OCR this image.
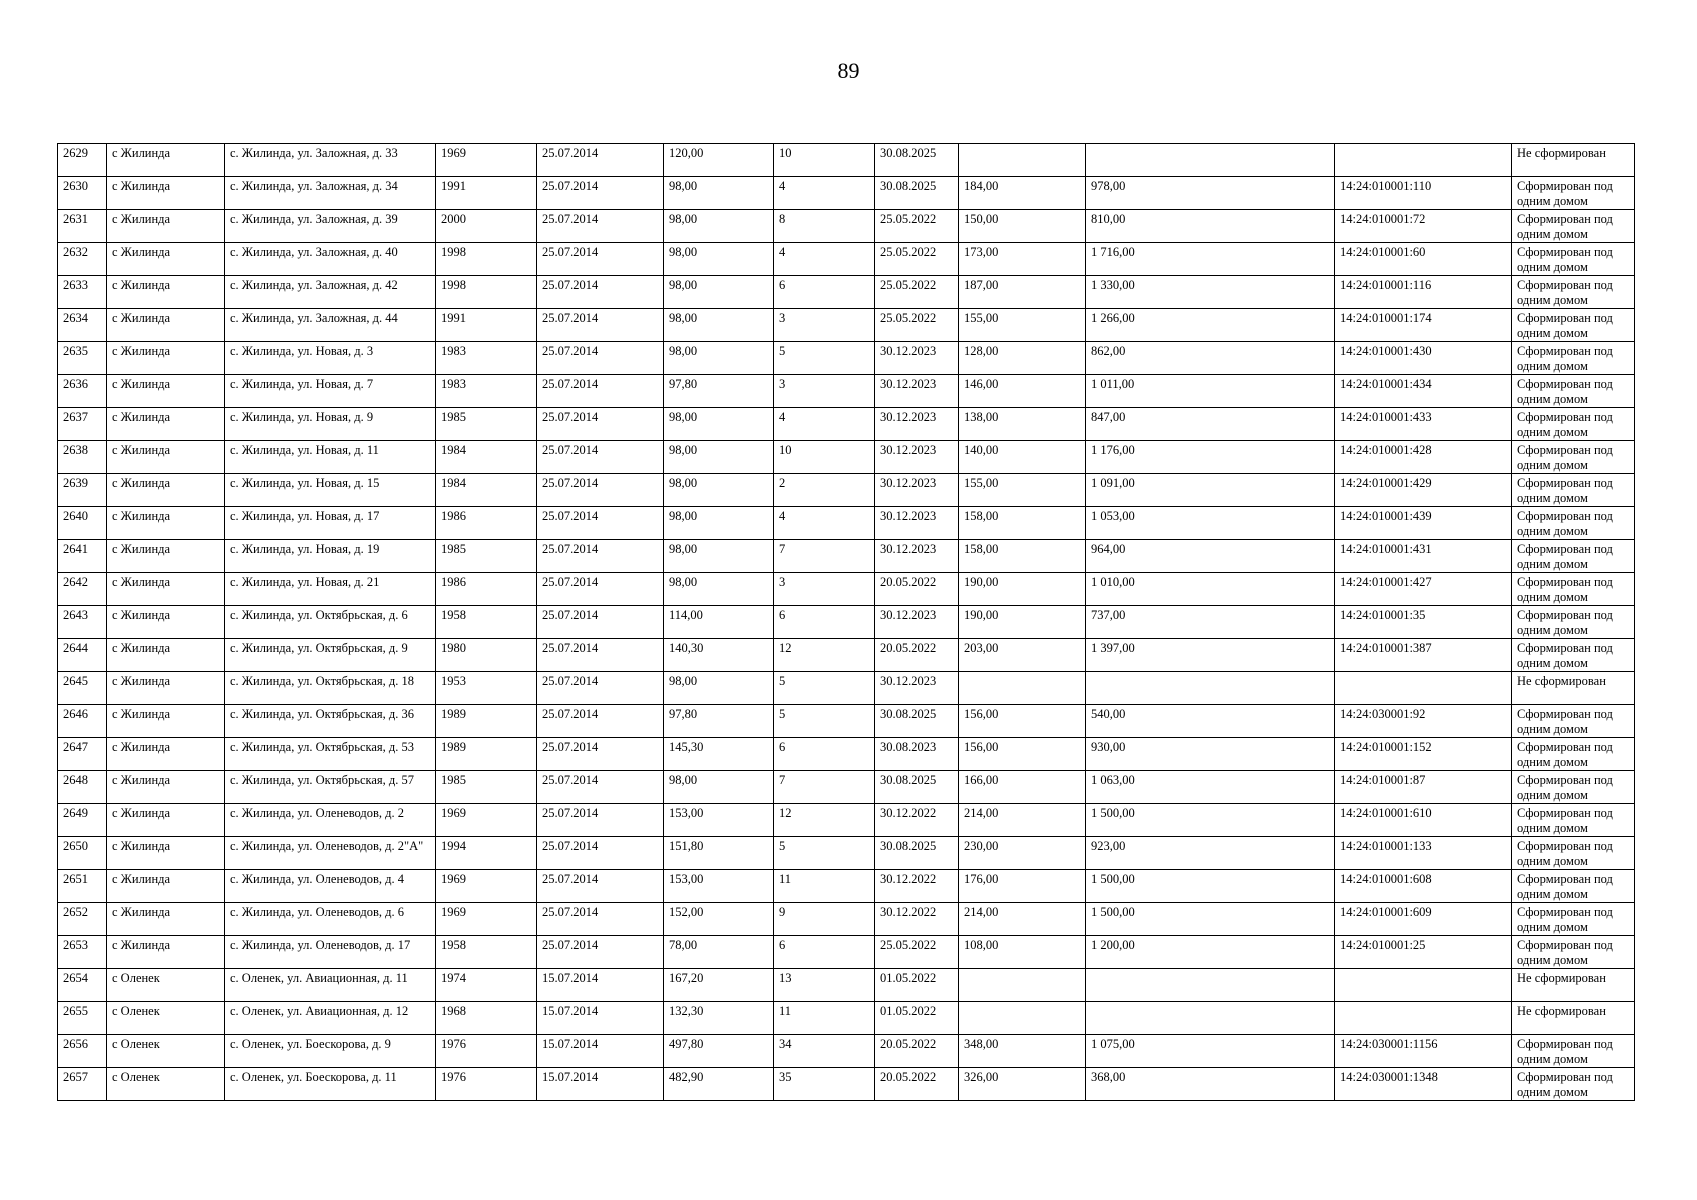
89
2629	с Жилинда	с. Жилинда, ул. Заложная, д. 33	1969	25.07.2014	120,00	10	30.08.2025				Не сформирован
2630	с Жилинда	с. Жилинда, ул. Заложная, д. 34	1991	25.07.2014	98,00	4	30.08.2025	184,00	978,00	14:24:010001:110	Сформирован под одним домом
2631	с Жилинда	с. Жилинда, ул. Заложная, д. 39	2000	25.07.2014	98,00	8	25.05.2022	150,00	810,00	14:24:010001:72	Сформирован под одним домом
2632	с Жилинда	с. Жилинда, ул. Заложная, д. 40	1998	25.07.2014	98,00	4	25.05.2022	173,00	1 716,00	14:24:010001:60	Сформирован под одним домом
2633	с Жилинда	с. Жилинда, ул. Заложная, д. 42	1998	25.07.2014	98,00	6	25.05.2022	187,00	1 330,00	14:24:010001:116	Сформирован под одним домом
2634	с Жилинда	с. Жилинда, ул. Заложная, д. 44	1991	25.07.2014	98,00	3	25.05.2022	155,00	1 266,00	14:24:010001:174	Сформирован под одним домом
2635	с Жилинда	с. Жилинда, ул. Новая, д. 3	1983	25.07.2014	98,00	5	30.12.2023	128,00	862,00	14:24:010001:430	Сформирован под одним домом
2636	с Жилинда	с. Жилинда, ул. Новая, д. 7	1983	25.07.2014	97,80	3	30.12.2023	146,00	1 011,00	14:24:010001:434	Сформирован под одним домом
2637	с Жилинда	с. Жилинда, ул. Новая, д. 9	1985	25.07.2014	98,00	4	30.12.2023	138,00	847,00	14:24:010001:433	Сформирован под одним домом
2638	с Жилинда	с. Жилинда, ул. Новая, д. 11	1984	25.07.2014	98,00	10	30.12.2023	140,00	1 176,00	14:24:010001:428	Сформирован под одним домом
2639	с Жилинда	с. Жилинда, ул. Новая, д. 15	1984	25.07.2014	98,00	2	30.12.2023	155,00	1 091,00	14:24:010001:429	Сформирован под одним домом
2640	с Жилинда	с. Жилинда, ул. Новая, д. 17	1986	25.07.2014	98,00	4	30.12.2023	158,00	1 053,00	14:24:010001:439	Сформирован под одним домом
2641	с Жилинда	с. Жилинда, ул. Новая, д. 19	1985	25.07.2014	98,00	7	30.12.2023	158,00	964,00	14:24:010001:431	Сформирован под одним домом
2642	с Жилинда	с. Жилинда, ул. Новая, д. 21	1986	25.07.2014	98,00	3	20.05.2022	190,00	1 010,00	14:24:010001:427	Сформирован под одним домом
2643	с Жилинда	с. Жилинда, ул. Октябрьская, д. 6	1958	25.07.2014	114,00	6	30.12.2023	190,00	737,00	14:24:010001:35	Сформирован под одним домом
2644	с Жилинда	с. Жилинда, ул. Октябрьская, д. 9	1980	25.07.2014	140,30	12	20.05.2022	203,00	1 397,00	14:24:010001:387	Сформирован под одним домом
2645	с Жилинда	с. Жилинда, ул. Октябрьская, д. 18	1953	25.07.2014	98,00	5	30.12.2023				Не сформирован
2646	с Жилинда	с. Жилинда, ул. Октябрьская, д. 36	1989	25.07.2014	97,80	5	30.08.2025	156,00	540,00	14:24:030001:92	Сформирован под одним домом
2647	с Жилинда	с. Жилинда, ул. Октябрьская, д. 53	1989	25.07.2014	145,30	6	30.08.2023	156,00	930,00	14:24:010001:152	Сформирован под одним домом
2648	с Жилинда	с. Жилинда, ул. Октябрьская, д. 57	1985	25.07.2014	98,00	7	30.08.2025	166,00	1 063,00	14:24:010001:87	Сформирован под одним домом
2649	с Жилинда	с. Жилинда, ул. Оленеводов, д. 2	1969	25.07.2014	153,00	12	30.12.2022	214,00	1 500,00	14:24:010001:610	Сформирован под одним домом
2650	с Жилинда	с. Жилинда, ул. Оленеводов, д. 2"А"	1994	25.07.2014	151,80	5	30.08.2025	230,00	923,00	14:24:010001:133	Сформирован под одним домом
2651	с Жилинда	с. Жилинда, ул. Оленеводов, д. 4	1969	25.07.2014	153,00	11	30.12.2022	176,00	1 500,00	14:24:010001:608	Сформирован под одним домом
2652	с Жилинда	с. Жилинда, ул. Оленеводов, д. 6	1969	25.07.2014	152,00	9	30.12.2022	214,00	1 500,00	14:24:010001:609	Сформирован под одним домом
2653	с Жилинда	с. Жилинда, ул. Оленеводов, д. 17	1958	25.07.2014	78,00	6	25.05.2022	108,00	1 200,00	14:24:010001:25	Сформирован под одним домом
2654	с Оленек	с. Оленек, ул. Авиационная, д. 11	1974	15.07.2014	167,20	13	01.05.2022				Не сформирован
2655	с Оленек	с. Оленек, ул. Авиационная, д. 12	1968	15.07.2014	132,30	11	01.05.2022				Не сформирован
2656	с Оленек	с. Оленек, ул. Боескорова, д. 9	1976	15.07.2014	497,80	34	20.05.2022	348,00	1 075,00	14:24:030001:1156	Сформирован под одним домом
2657	с Оленек	с. Оленек, ул. Боескорова, д. 11	1976	15.07.2014	482,90	35	20.05.2022	326,00	368,00	14:24:030001:1348	Сформирован под одним домом
